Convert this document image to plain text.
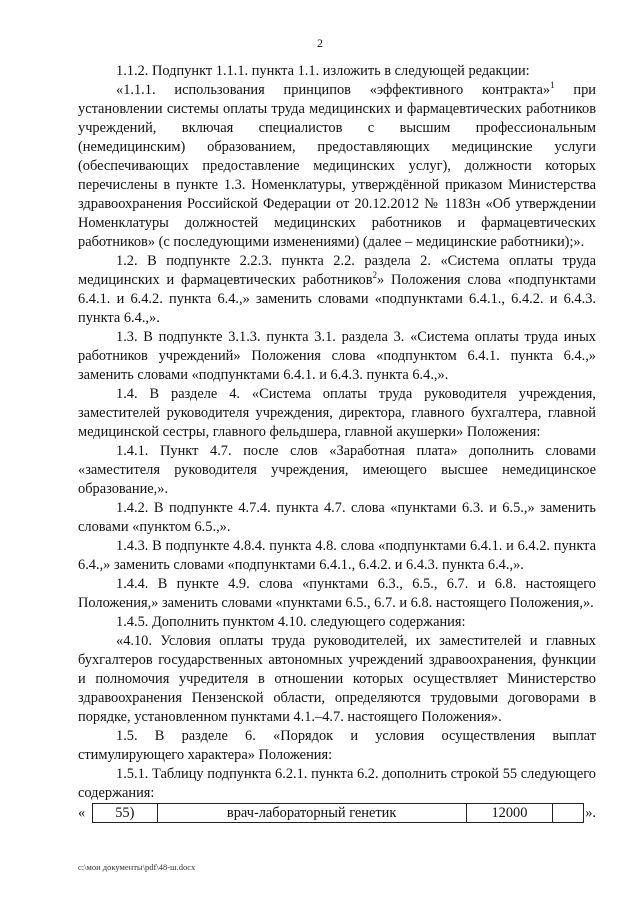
2

1.1.2. Подпункт 1.1.1. пункта 1.1. изложить в следующей редакции:

«1.1.1. использования принципов «эффективного контракта»$^1$ при установлении системы оплаты труда медицинских и фармацевтических работников учреждений, включая специалистов с высшим профессиональным (немедицинским) образованием, предоставляющих медицинские услуги (обеспечивающих предоставление медицинских услуг), должности которых перечислены в пункте 1.3. Номенклатуры, утверждённой приказом Министерства здравоохранения Российской Федерации от 20.12.2012 № 1183н «Об утверждении Номенклатуры должностей медицинских работников и фармацевтических работников» (с последующими изменениями) (далее – медицинские работники);».

1.2. В подпункте 2.2.3. пункта 2.2. раздела 2. «Система оплаты труда медицинских и фармацевтических работников$^2$» Положения слова «подпунктами 6.4.1. и 6.4.2. пункта 6.4.,» заменить словами «подпунктами 6.4.1., 6.4.2. и 6.4.3. пункта 6.4.,».

1.3. В подпункте 3.1.3. пункта 3.1. раздела 3. «Система оплаты труда иных работников учреждений» Положения слова «подпунктом 6.4.1. пункта 6.4.,» заменить словами «подпунктами 6.4.1. и 6.4.3. пункта 6.4.,».

1.4. В разделе 4. «Система оплаты труда руководителя учреждения, заместителей руководителя учреждения, директора, главного бухгалтера, главной медицинской сестры, главного фельдшера, главной акушерки» Положения:

1.4.1. Пункт 4.7. после слов «Заработная плата» дополнить словами «заместителя руководителя учреждения, имеющего высшее немедицинское образование,».

1.4.2. В подпункте 4.7.4. пункта 4.7. слова «пунктами 6.3. и 6.5.,» заменить словами «пунктом 6.5.,».

1.4.3. В подпункте 4.8.4. пункта 4.8. слова «подпунктами 6.4.1. и 6.4.2. пункта 6.4.,» заменить словами «подпунктами 6.4.1., 6.4.2. и 6.4.3. пункта 6.4.,».

1.4.4. В пункте 4.9. слова «пунктами 6.3., 6.5., 6.7. и 6.8. настоящего Положения,» заменить словами «пунктами 6.5., 6.7. и 6.8. настоящего Положения,».

1.4.5. Дополнить пунктом 4.10. следующего содержания:

«4.10. Условия оплаты труда руководителей, их заместителей и главных бухгалтеров государственных автономных учреждений здравоохранения, функции и полномочия учредителя в отношении которых осуществляет Министерство здравоохранения Пензенской области, определяются трудовыми договорами в порядке, установленном пунктами 4.1.–4.7. настоящего Положения».

1.5. В разделе 6. «Порядок и условия осуществления выплат стимулирующего характера» Положения:

1.5.1. Таблицу подпункта 6.2.1. пункта 6.2. дополнить строкой 55 следующего содержания:

« 55)	врач-лабораторный генетик	12000		».
c:\мои документы\pdf\48-ш.docx
